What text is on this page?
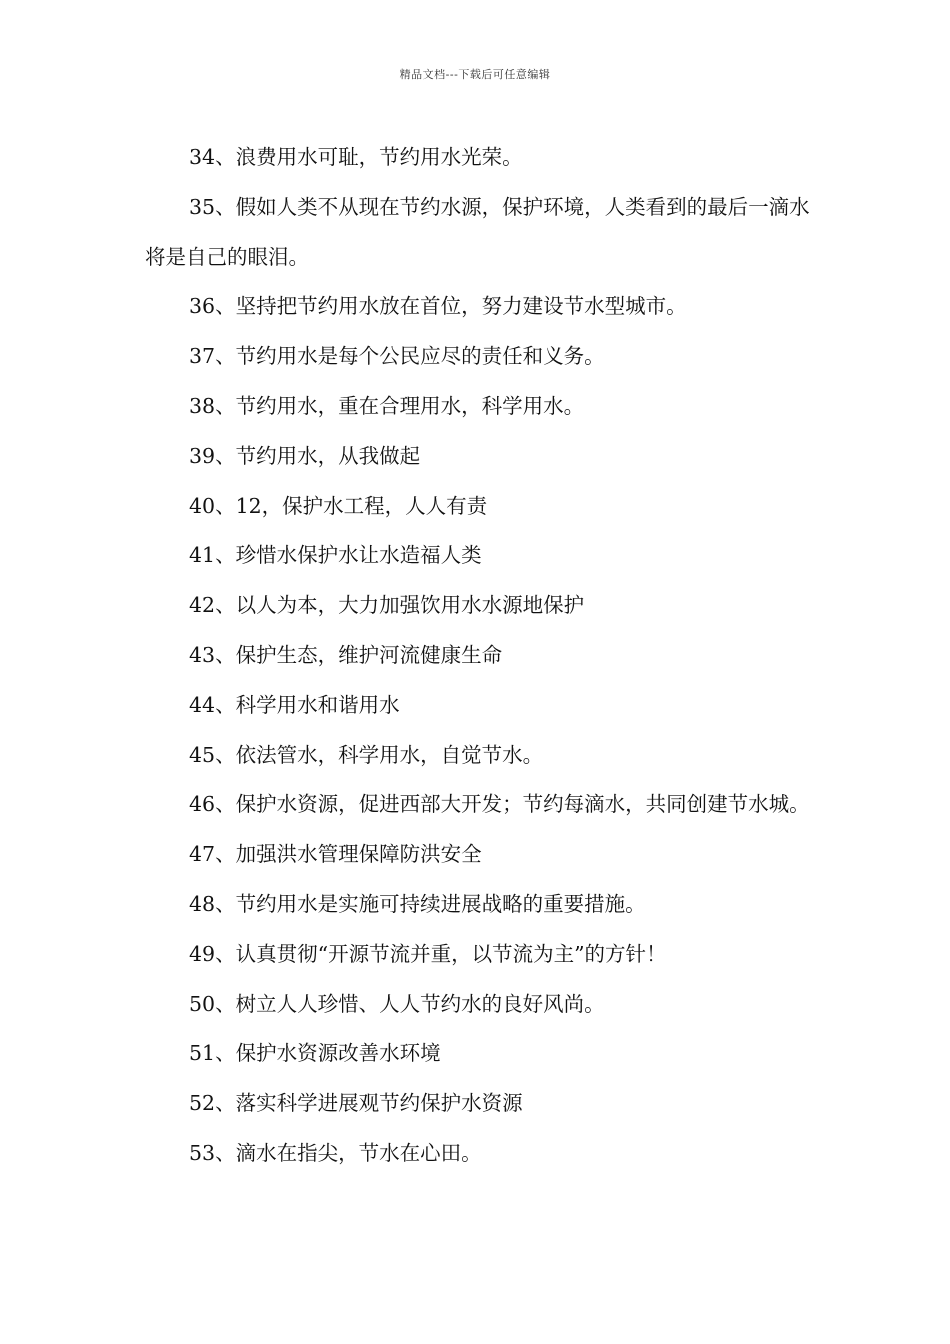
精品文档---下载后可任意编辑

34、浪费用水可耻，节约用水光荣。

35、假如人类不从现在节约水源，保护环境，人类看到的最后一滴水将是自己的眼泪。

36、坚持把节约用水放在首位，努力建设节水型城市。

37、节约用水是每个公民应尽的责任和义务。

38、节约用水，重在合理用水，科学用水。

39、节约用水，从我做起

40、12，保护水工程，人人有责

41、珍惜水保护水让水造福人类

42、以人为本，大力加强饮用水水源地保护

43、保护生态，维护河流健康生命

44、科学用水和谐用水

45、依法管水，科学用水，自觉节水。

46、保护水资源，促进西部大开发；节约每滴水，共同创建节水城。

47、加强洪水管理保障防洪安全

48、节约用水是实施可持续进展战略的重要措施。

49、认真贯彻“开源节流并重，以节流为主”的方针！

50、树立人人珍惜、人人节约水的良好风尚。

51、保护水资源改善水环境

52、落实科学进展观节约保护水资源

53、滴水在指尖，节水在心田。
